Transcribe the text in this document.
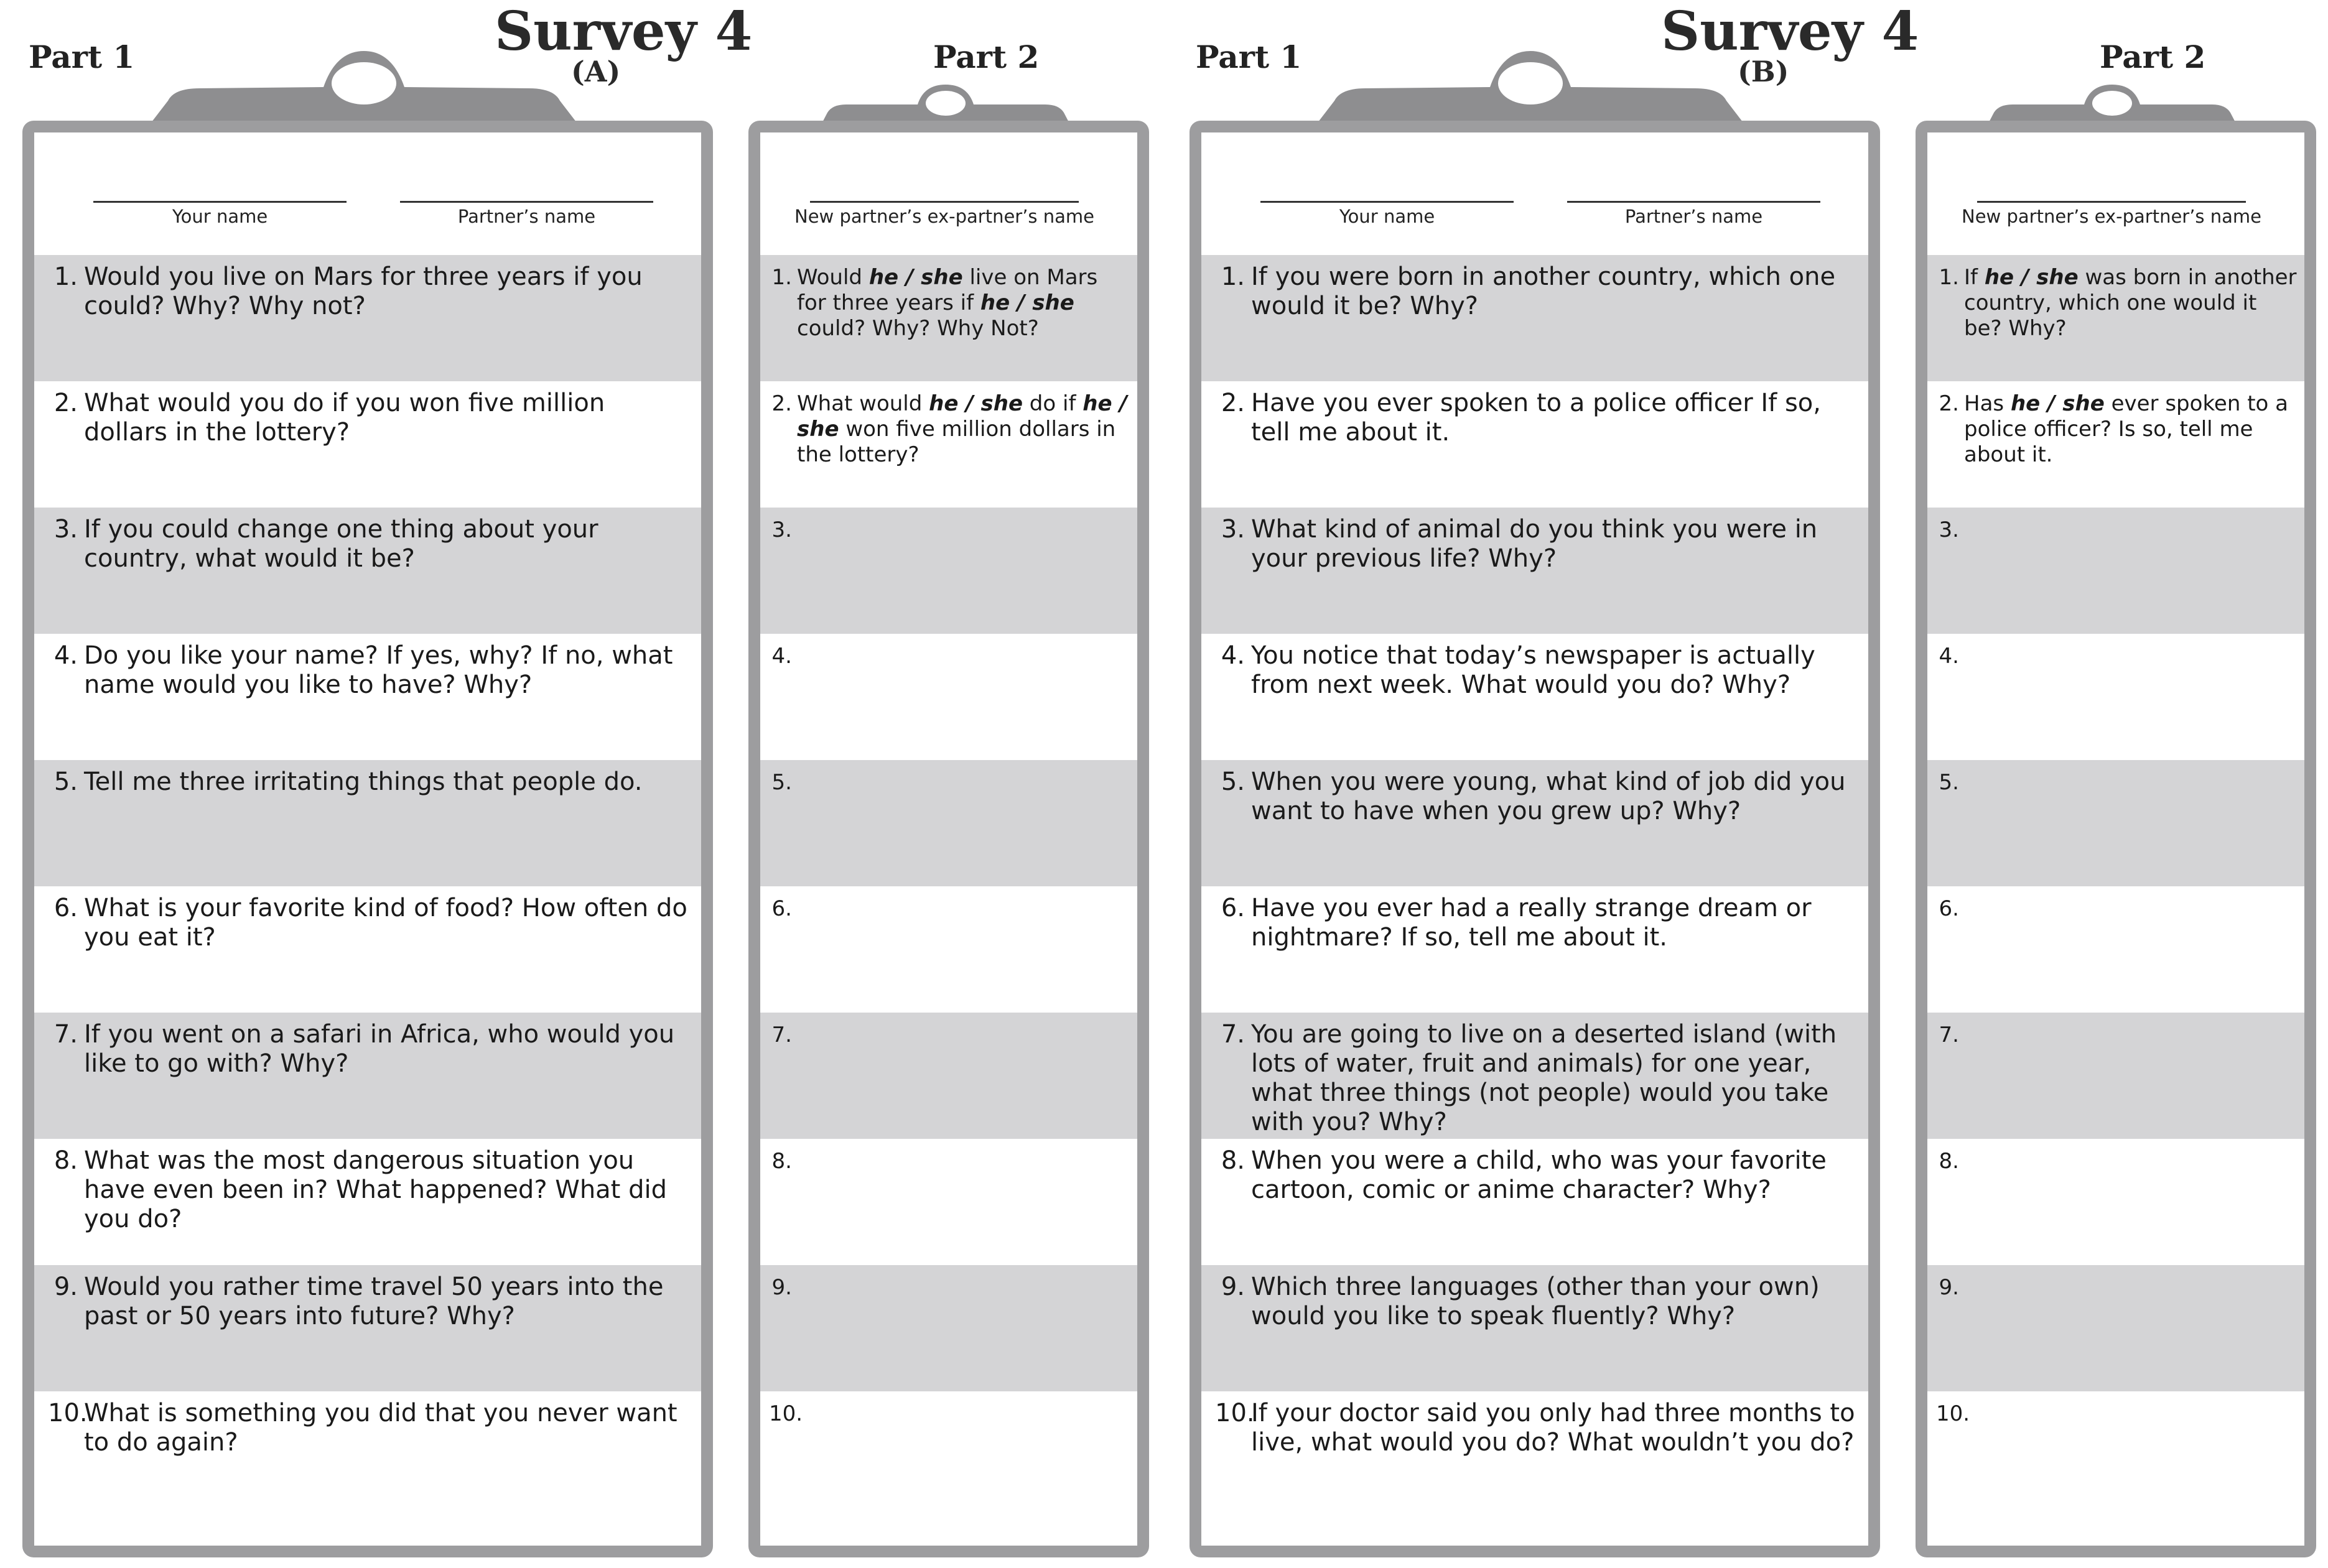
Part 1	Part 2
Survey 4
(A)
Your name	Partner’s name
1. Would you live on Mars for three years if you could? Why? Why not?
2. What would you do if you won five million dollars in the lottery?
3. If you could change one thing about your country, what would it be?
4. Do you like your name? If yes, why? If no, what name would you like to have? Why?
5. Tell me three irritating things that people do.
6. What is your favorite kind of food? How often do you eat it?
7. If you went on a safari in Africa, who would you like to go with? Why?
8. What was the most dangerous situation you have even been in? What happened? What did you do?
9. Would you rather time travel 50 years into the past or 50 years into future? Why?
10.
What is something you did that you never want to do again?
New partner’s ex-partner’s name
1. Would he / she live on Mars for three years if he / she could? Why? Why Not?
2. What would he / she do if he / she won five million dollars in the lottery?
3.
4.
5.
6.
7.
8.
9.
10.
Part 1	Part 2
Survey 4
(B)
Your name	Partner’s name
1. If you were born in another country, which one would it be? Why?
2. Have you ever spoken to a police officer If so, tell me about it.
3. What kind of animal do you think you were in your previous life? Why?
4. You notice that today’s newspaper is actually from next week. What would you do? Why?
5. When you were young, what kind of job did you want to have when you grew up? Why?
6. Have you ever had a really strange dream or nightmare? If so, tell me about it.
7. You are going to live on a deserted island (with lots of water, fruit and animals) for one year, what three things (not people) would you take with you? Why?
8. When you were a child, who was your favorite cartoon, comic or anime character? Why?
9. Which three languages (other than your own) would you like to speak fluently? Why?
10.
If your doctor said you only had three months to live, what would you do? What wouldn’t you do?
New partner’s ex-partner’s name
1. If he / she was born in another country, which one would it be? Why?
2. Has he / she ever spoken to a police officer? Is so, tell me about it.
3.
4.
5.
6.
7.
8.
9.
10.
